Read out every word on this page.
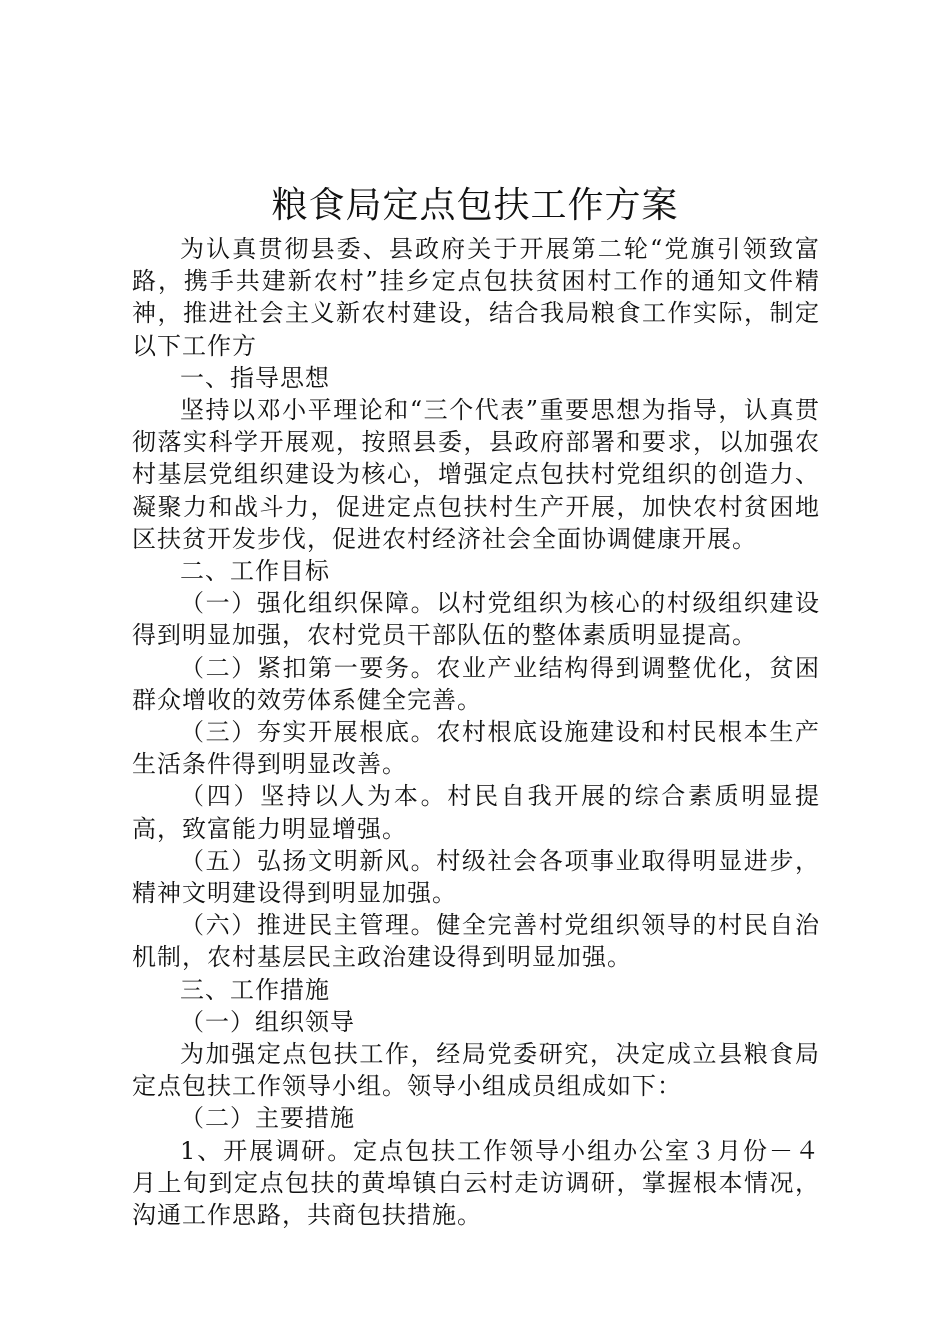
粮食局定点包扶工作方案

为认真贯彻县委、县政府关于开展第二轮“党旗引领致富路，携手共建新农村”挂乡定点包扶贫困村工作的通知文件精神，推进社会主义新农村建设，结合我局粮食工作实际，制定以下工作方

一、指导思想

坚持以邓小平理论和“三个代表”重要思想为指导，认真贯彻落实科学开展观，按照县委，县政府部署和要求，以加强农村基层党组织建设为核心，增强定点包扶村党组织的创造力、凝聚力和战斗力，促进定点包扶村生产开展，加快农村贫困地区扶贫开发步伐，促进农村经济社会全面协调健康开展。

二、工作目标

（一）强化组织保障。以村党组织为核心的村级组织建设得到明显加强，农村党员干部队伍的整体素质明显提高。

（二）紧扣第一要务。农业产业结构得到调整优化，贫困群众增收的效劳体系健全完善。

（三）夯实开展根底。农村根底设施建设和村民根本生产生活条件得到明显改善。

（四）坚持以人为本。村民自我开展的综合素质明显提高，致富能力明显增强。

（五）弘扬文明新风。村级社会各项事业取得明显进步，精神文明建设得到明显加强。

（六）推进民主管理。健全完善村党组织领导的村民自治机制，农村基层民主政治建设得到明显加强。

三、工作措施

（一）组织领导

为加强定点包扶工作，经局党委研究，决定成立县粮食局定点包扶工作领导小组。领导小组成员组成如下：

（二）主要措施

1、开展调研。定点包扶工作领导小组办公室３月份－４月上旬到定点包扶的黄埠镇白云村走访调研，掌握根本情况，沟通工作思路，共商包扶措施。
